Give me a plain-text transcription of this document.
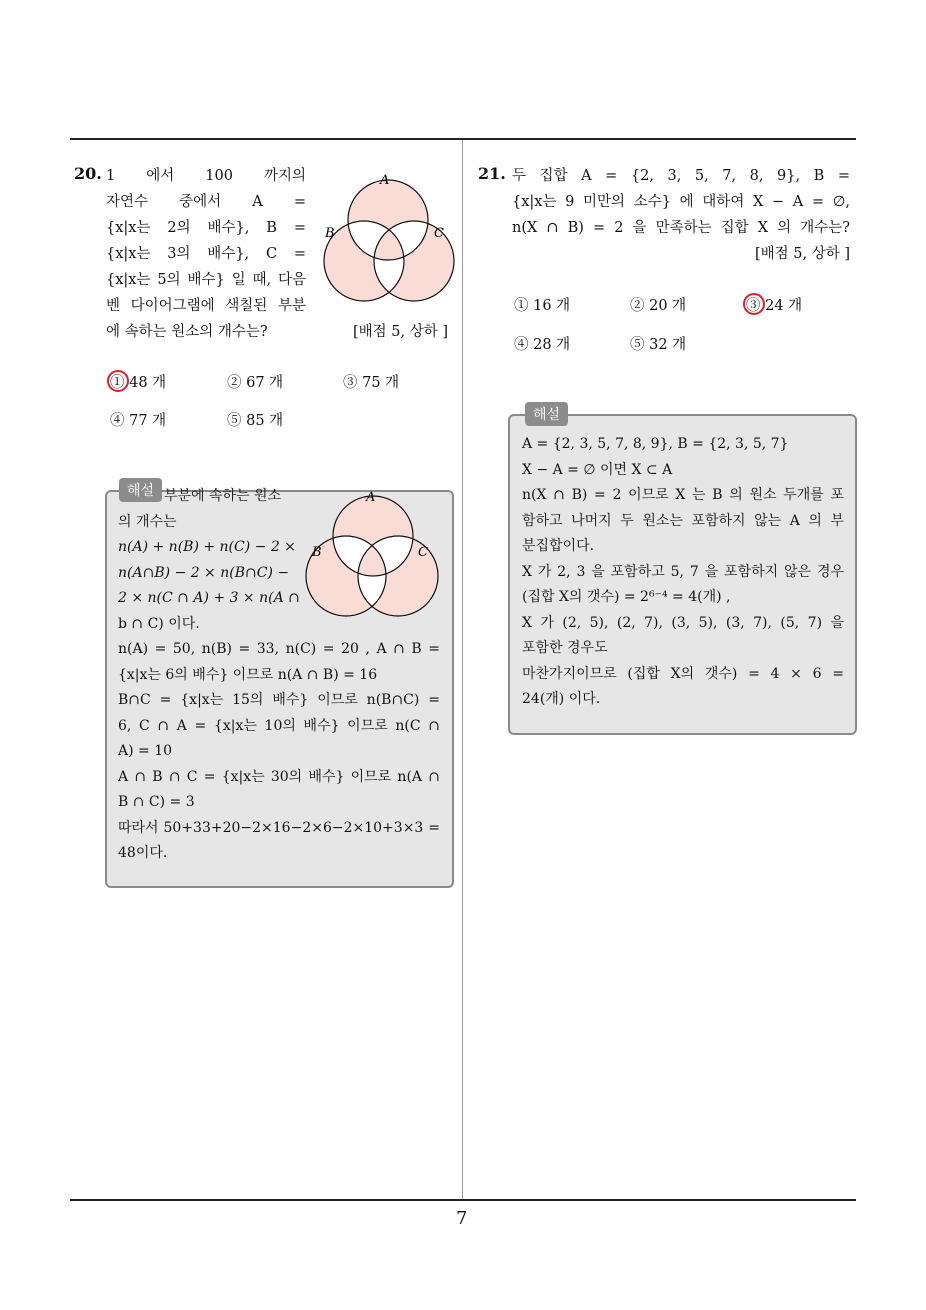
20. 1 에서 100 까지의
자연수 중에서 A =
{x|x는 2의 배수}, B =
{x|x는 3의 배수}, C =
{x|x는 5의 배수} 일 때, 다음
벤 다이어그램에 색칠된 부분
에 속하는 원소의 개수는?	[배점 5, 상하 ]
A
B	C
① 48 개	② 67 개	③ 75 개
④ 77 개	⑤ 85 개
해설 부분에 속하는 원소
의 개수는
n(A) + n(B) + n(C) − 2 ×
n(A∩B) − 2 × n(B∩C) −
2 × n(C ∩ A) + 3 × n(A ∩
b ∩ C) 이다.
n(A) = 50, n(B) = 33, n(C) = 20 , A ∩ B =
{x|x는 6의 배수} 이므로 n(A ∩ B) = 16
B∩C = {x|x는 15의 배수} 이므로 n(B∩C) =
6, C ∩ A = {x|x는 10의 배수} 이므로 n(C ∩
A) = 10
A ∩ B ∩ C = {x|x는 30의 배수} 이므로 n(A ∩
B ∩ C) = 3
따라서 50+33+20−2×16−2×6−2×10+3×3 =
48이다.
A
B	C
21. 두 집합 A = {2, 3, 5, 7, 8, 9}, B =
{x|x는 9 미만의 소수} 에 대하여 X − A = ∅,
n(X ∩ B) = 2 을 만족하는 집합 X 의 개수는?
[배점 5, 상하 ]
① 16 개	② 20 개	③ 24 개
④ 28 개	⑤ 32 개
해설
A = {2, 3, 5, 7, 8, 9}, B = {2, 3, 5, 7}
X − A = ∅ 이면 X ⊂ A
n(X ∩ B) = 2 이므로 X 는 B 의 원소 두개를 포
함하고 나머지 두 원소는 포함하지 않는 A 의 부
분집합이다.
X 가 2, 3 을 포함하고 5, 7 을 포함하지 않은 경우
(집합 X의 갯수) = 2⁶⁻⁴ = 4(개) ,
X 가 (2, 5), (2, 7), (3, 5), (3, 7), (5, 7) 을
포함한 경우도
마찬가지이므로 (집합 X의 갯수) = 4 × 6 =
24(개) 이다.
7
